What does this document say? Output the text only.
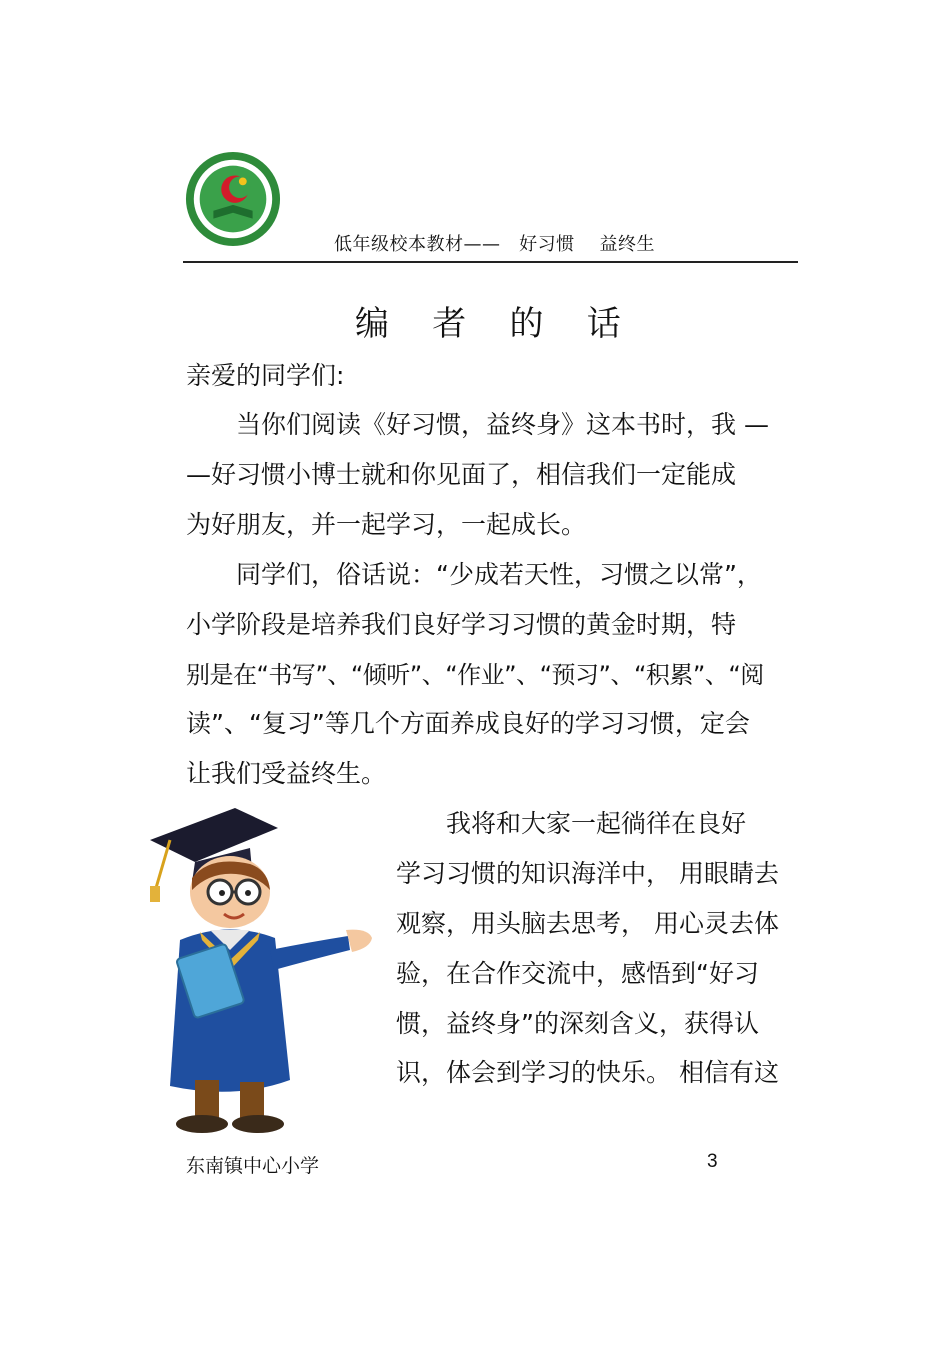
低年级校本教材——   好习惯    益终生
编    者    的    话
亲爱的同学们:
　　当你们阅读《好习惯，益终身》这本书时，我 —
—好习惯小博士就和你见面了，相信我们一定能成
为好朋友，并一起学习，一起成长。
　　同学们，俗话说：“少成若天性，习惯之以常”，
小学阶段是培养我们良好学习习惯的黄金时期，特
别是在“书写”、“倾听”、“作业”、“预习”、“积累”、“阅
读”、“复习”等几个方面养成良好的学习习惯，定会
让我们受益终生。
　　我将和大家一起徜徉在良好
学习习惯的知识海洋中， 用眼睛去
观察，用头脑去思考， 用心灵去体
验，在合作交流中，感悟到“好习
惯，益终身”的深刻含义，获得认
识，体会到学习的快乐。 相信有这
东南镇中心小学	3
